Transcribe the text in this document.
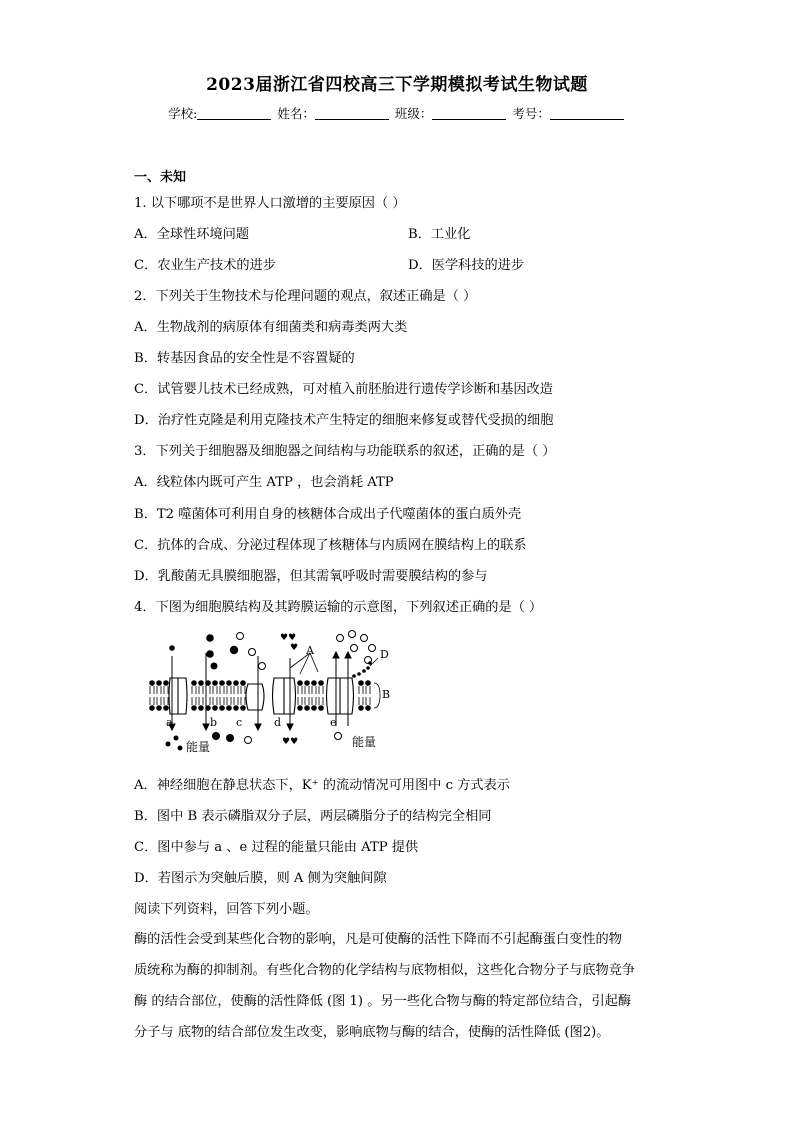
2023届浙江省四校高三下学期模拟考试生物试题
学校:	姓名：	班级：	考号：
一、未知
1. 以下哪项不是世界人口激增的主要原因（ ）
A．全球性环境问题	B．工业化
C．农业生产技术的进步	D．医学科技的进步
2．下列关于生物技术与伦理问题的观点，叙述正确是（ ）
A．生物战剂的病原体有细菌类和病毒类两大类
B．转基因食品的安全性是不容置疑的
C．试管婴儿技术已经成熟，可对植入前胚胎进行遗传学诊断和基因改造
D．治疗性克隆是利用克隆技术产生特定的细胞来修复或替代受损的细胞
3．下列关于细胞器及细胞器之间结构与功能联系的叙述，正确的是（ ）
A．线粒体内既可产生 ATP ，也会消耗 ATP
B．T2 噬菌体可利用自身的核糖体合成出子代噬菌体的蛋白质外壳
C．抗体的合成、分泌过程体现了核糖体与内质网在膜结构上的联系
D．乳酸菌无具膜细胞器，但其需氧呼吸时需要膜结构的参与
4．下图为细胞膜结构及其跨膜运输的示意图，下列叙述正确的是（ ）
♥♥
♥
♥♥
a	b c	d	e
A
B
D
能量	能量
A．神经细胞在静息状态下，K⁺ 的流动情况可用图中 c 方式表示
B．图中 B 表示磷脂双分子层，两层磷脂分子的结构完全相同
C．图中参与 a 、e 过程的能量只能由 ATP 提供
D．若图示为突触后膜，则 A 侧为突触间隙
阅读下列资料，回答下列小题。
酶的活性会受到某些化合物的影响，凡是可使酶的活性下降而不引起酶蛋白变性的物
质统称为酶的抑制剂。有些化合物的化学结构与底物相似，这些化合物分子与底物竞争
酶 的结合部位，使酶的活性降低 (图 1) 。另一些化合物与酶的特定部位结合，引起酶
分子与 底物的结合部位发生改变，影响底物与酶的结合，使酶的活性降低 (图2)。
